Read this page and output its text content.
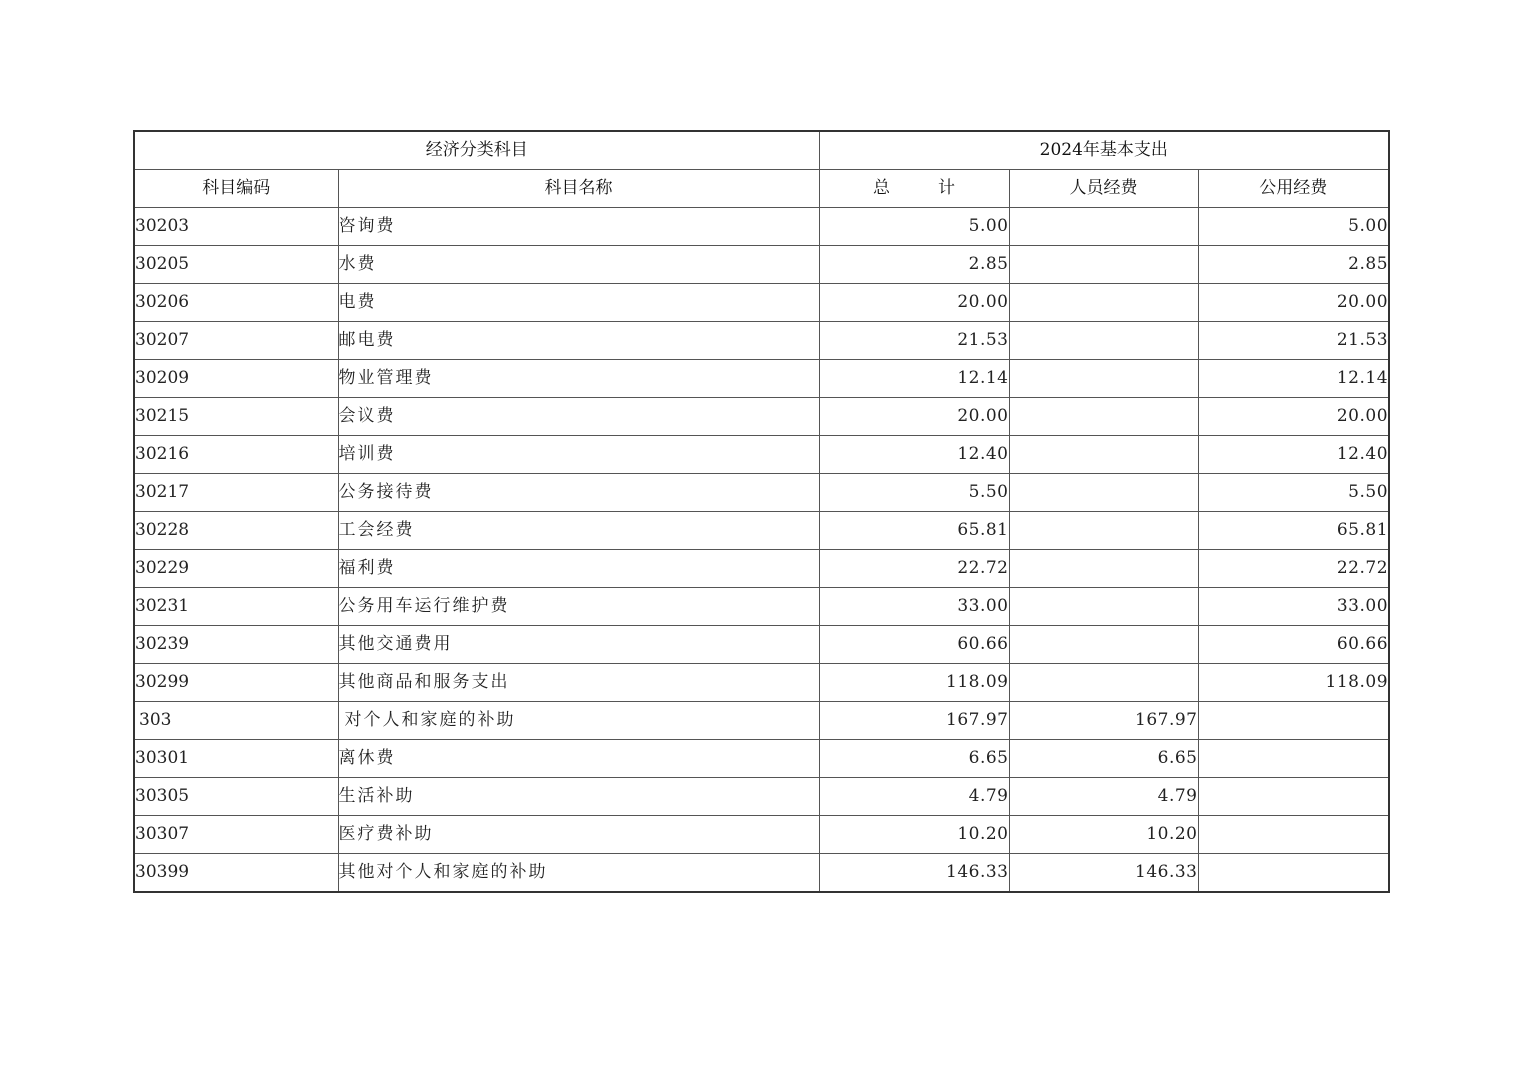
经济分类科目		2024年基本支出		
科目编码	科目名称	总 计	人员经费	公用经费
30203	咨询费	5.00		5.00
30205	水费	2.85		2.85
30206	电费	20.00		20.00
30207	邮电费	21.53		21.53
30209	物业管理费	12.14		12.14
30215	会议费	20.00		20.00
30216	培训费	12.40		12.40
30217	公务接待费	5.50		5.50
30228	工会经费	65.81		65.81
30229	福利费	22.72		22.72
30231	公务用车运行维护费	33.00		33.00
30239	其他交通费用	60.66		60.66
30299	其他商品和服务支出	118.09		118.09
303	对个人和家庭的补助	167.97	167.97	
30301	离休费	6.65	6.65	
30305	生活补助	4.79	4.79	
30307	医疗费补助	10.20	10.20	
30399	其他对个人和家庭的补助	146.33	146.33	
